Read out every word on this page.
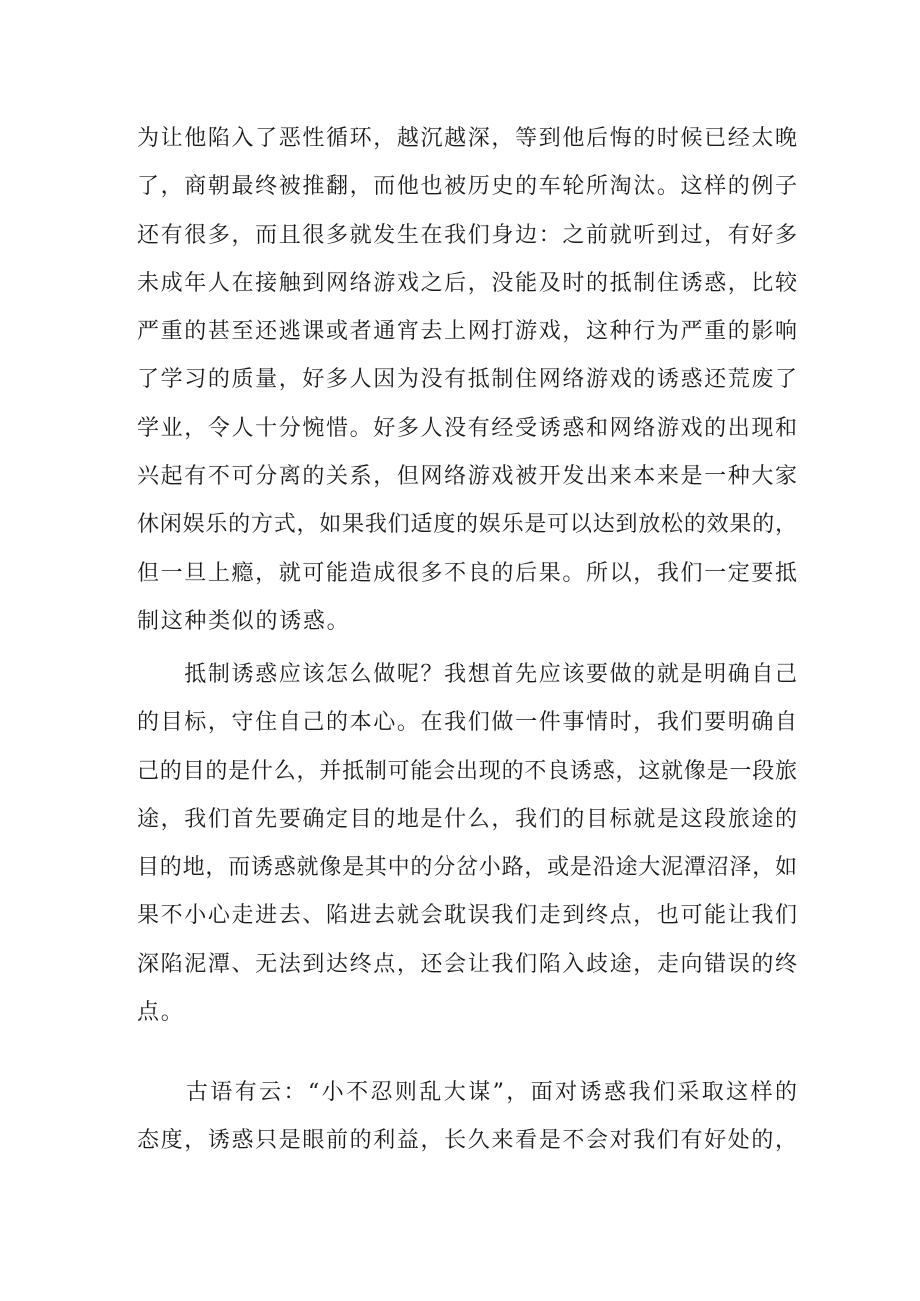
为让他陷入了恶性循环，越沉越深，等到他后悔的时候已经太晚
了，商朝最终被推翻，而他也被历史的车轮所淘汰。这样的例子
还有很多，而且很多就发生在我们身边：之前就听到过，有好多
未成年人在接触到网络游戏之后，没能及时的抵制住诱惑，比较
严重的甚至还逃课或者通宵去上网打游戏，这种行为严重的影响
了学习的质量，好多人因为没有抵制住网络游戏的诱惑还荒废了
学业，令人十分惋惜。好多人没有经受诱惑和网络游戏的出现和
兴起有不可分离的关系，但网络游戏被开发出来本来是一种大家
休闲娱乐的方式，如果我们适度的娱乐是可以达到放松的效果的，
但一旦上瘾，就可能造成很多不良的后果。所以，我们一定要抵
制这种类似的诱惑。
　　抵制诱惑应该怎么做呢？我想首先应该要做的就是明确自己
的目标，守住自己的本心。在我们做一件事情时，我们要明确自
己的目的是什么，并抵制可能会出现的不良诱惑，这就像是一段旅
途，我们首先要确定目的地是什么，我们的目标就是这段旅途的
目的地，而诱惑就像是其中的分岔小路，或是沿途大泥潭沼泽，如
果不小心走进去、陷进去就会耽误我们走到终点，也可能让我们
深陷泥潭、无法到达终点，还会让我们陷入歧途，走向错误的终
点。
　　古语有云：“小不忍则乱大谋”，面对诱惑我们采取这样的
态度，诱惑只是眼前的利益，长久来看是不会对我们有好处的，
